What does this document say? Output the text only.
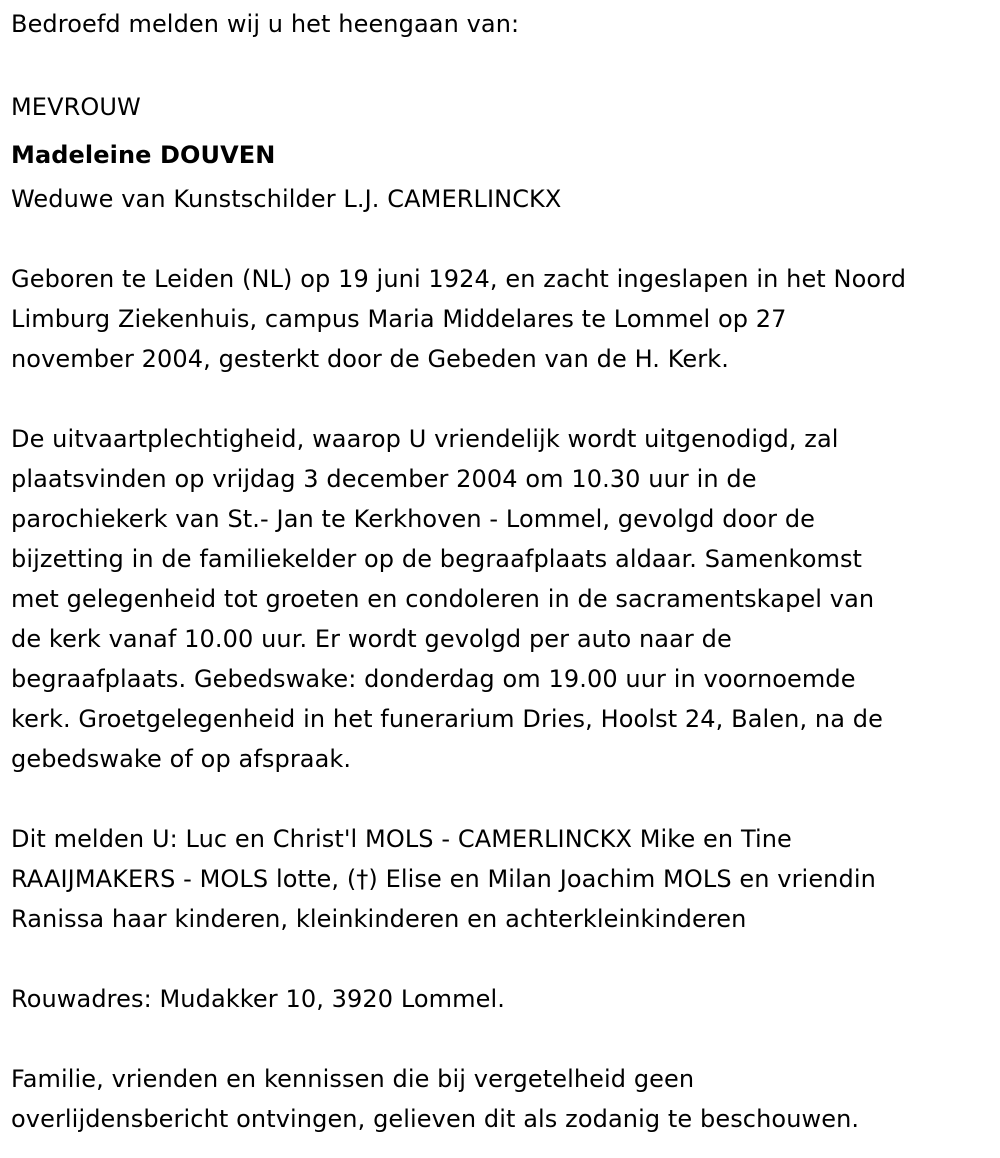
Bedroefd melden wij u het heengaan van:

MEVROUW

Madeleine DOUVEN

Weduwe van Kunstschilder L.J. CAMERLINCKX

Geboren te Leiden (NL) op 19 juni 1924, en zacht ingeslapen in het Noord

Limburg Ziekenhuis, campus Maria Middelares te Lommel op 27

november 2004, gesterkt door de Gebeden van de H. Kerk.

De uitvaartplechtigheid, waarop U vriendelijk wordt uitgenodigd, zal

plaatsvinden op vrijdag 3 december 2004 om 10.30 uur in de

parochiekerk van St.- Jan te Kerkhoven - Lommel, gevolgd door de

bijzetting in de familiekelder op de begraafplaats aldaar. Samenkomst

met gelegenheid tot groeten en condoleren in de sacramentskapel van

de kerk vanaf 10.00 uur. Er wordt gevolgd per auto naar de

begraafplaats. Gebedswake: donderdag om 19.00 uur in voornoemde

kerk. Groetgelegenheid in het funerarium Dries, Hoolst 24, Balen, na de

gebedswake of op afspraak.

Dit melden U: Luc en Christ'l MOLS - CAMERLINCKX Mike en Tine

RAAIJMAKERS - MOLS lotte, (†) Elise en Milan Joachim MOLS en vriendin

Ranissa haar kinderen, kleinkinderen en achterkleinkinderen

Rouwadres: Mudakker 10, 3920 Lommel.

Familie, vrienden en kennissen die bij vergetelheid geen

overlijdensbericht ontvingen, gelieven dit als zodanig te beschouwen.
